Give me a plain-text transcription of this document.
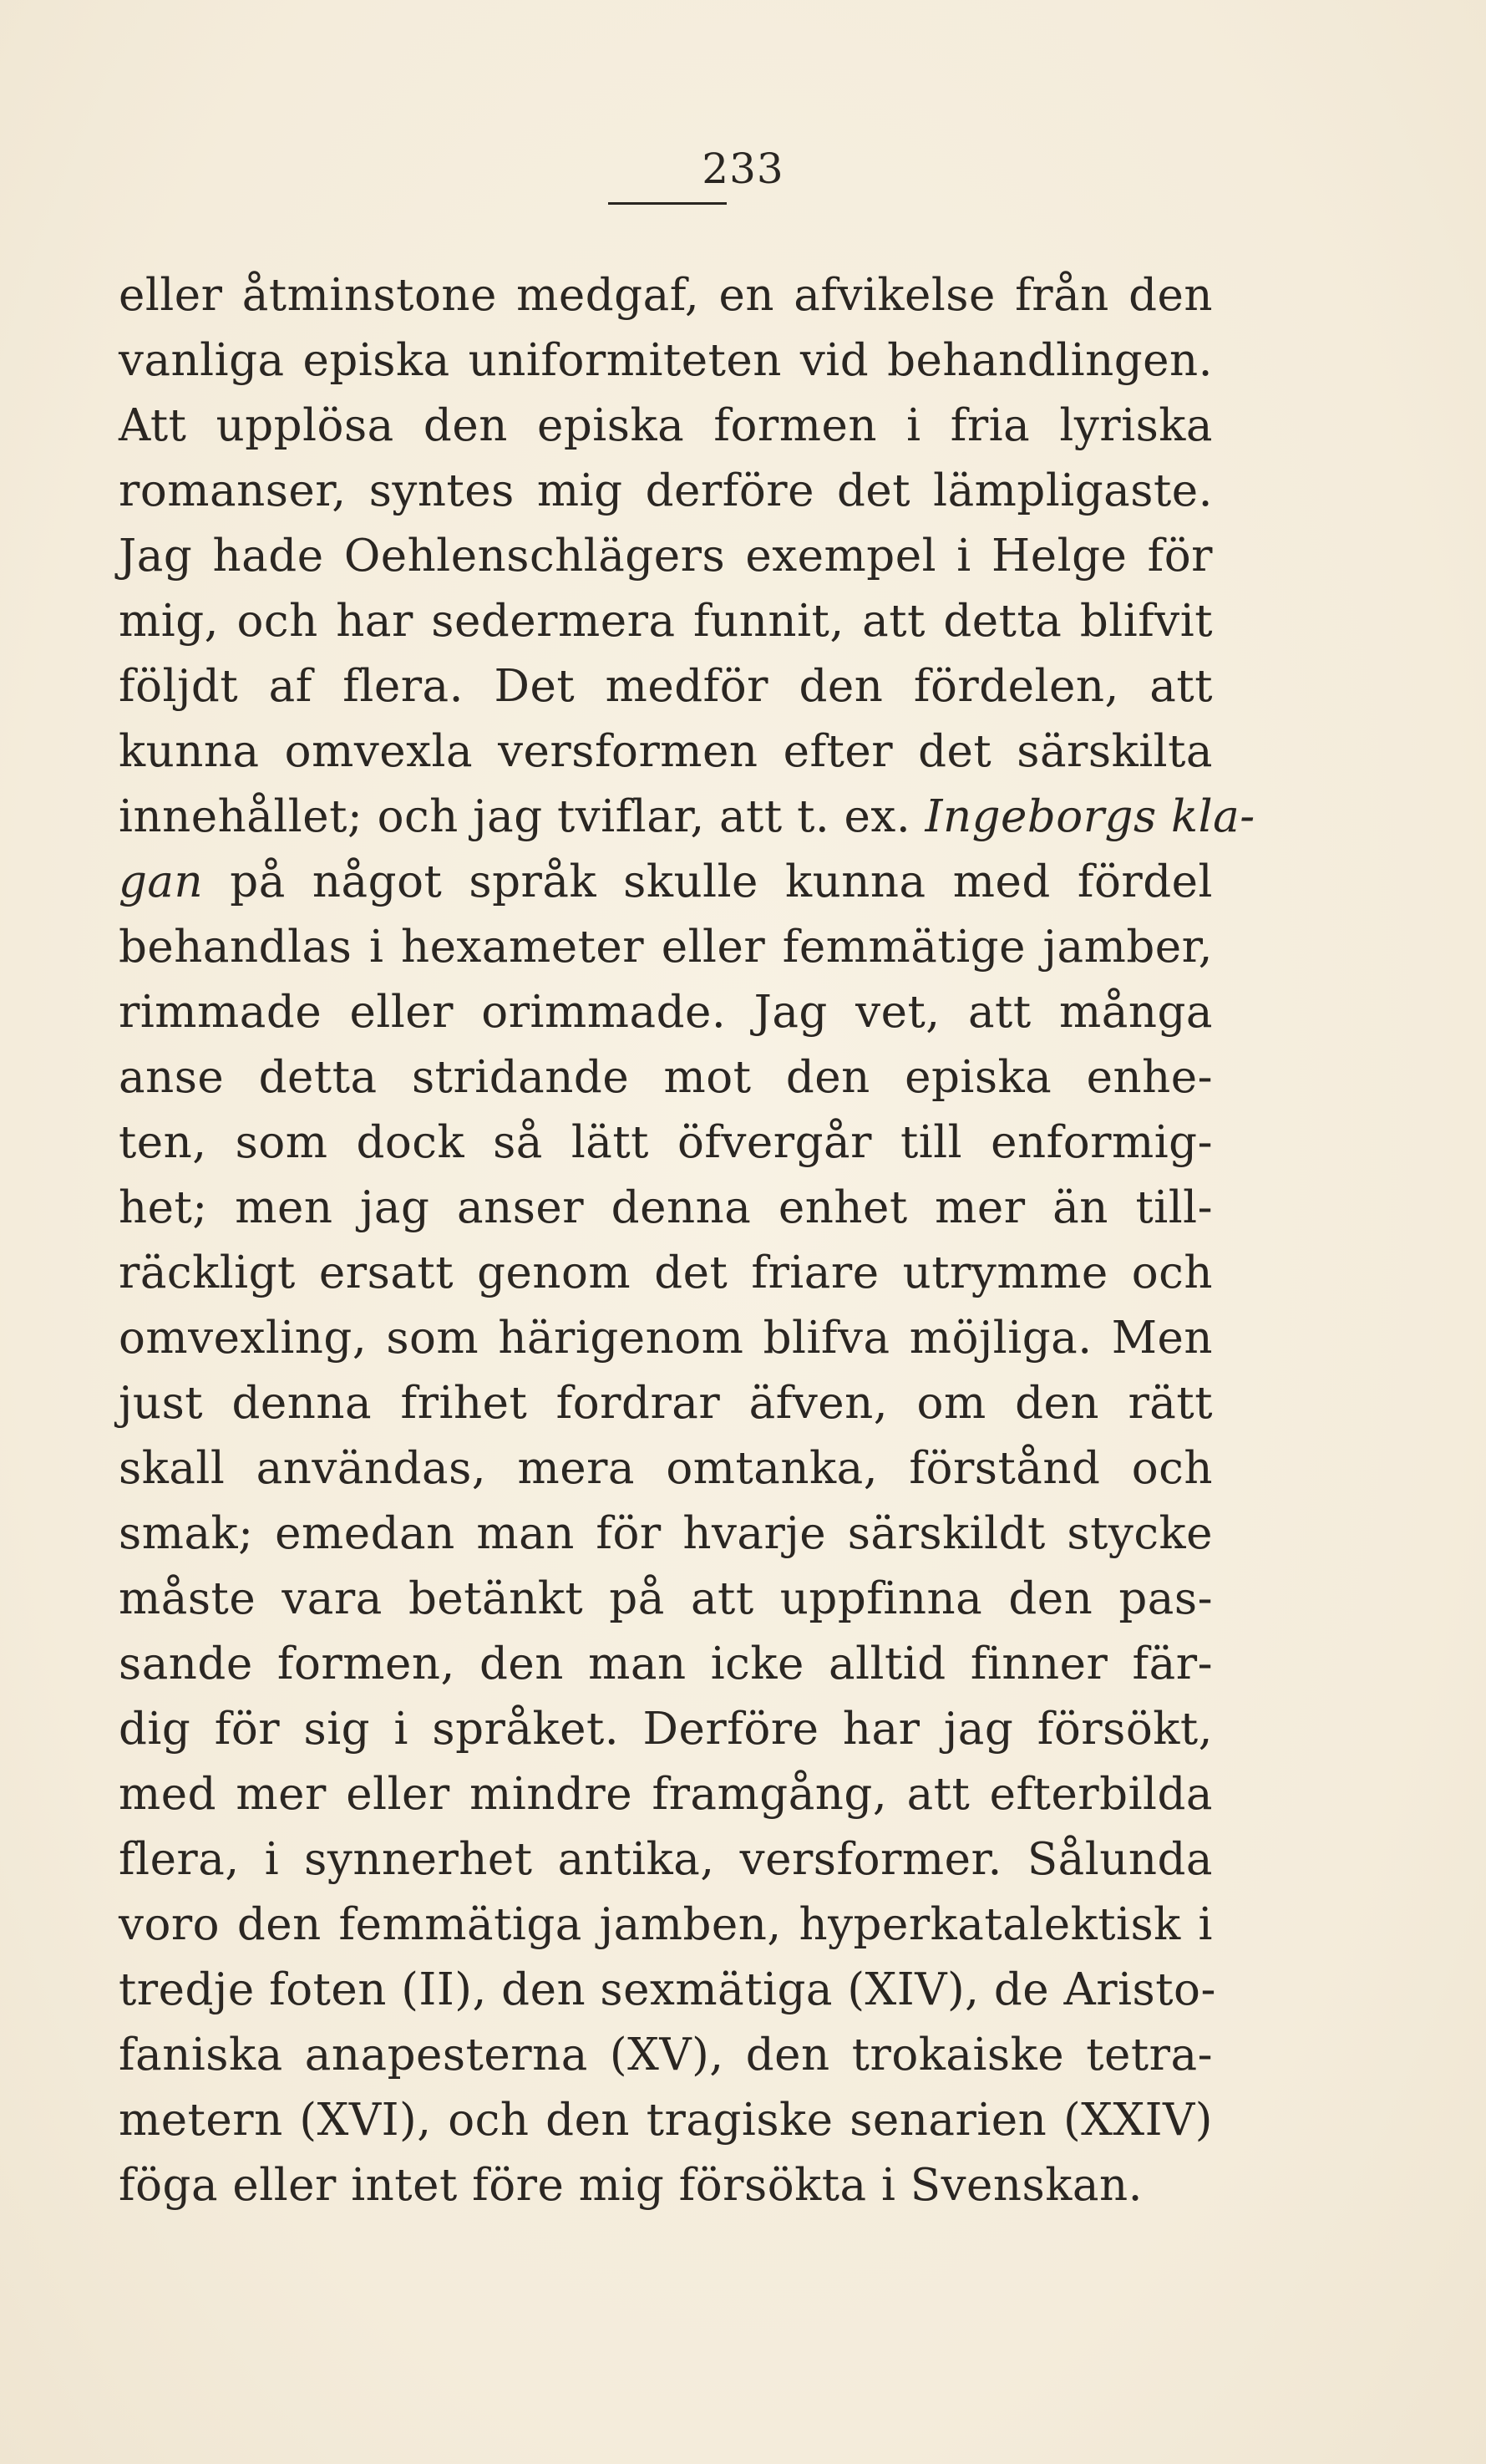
233
eller åtminstone medgaf, en afvikelse från den
vanliga episka uniformiteten vid behandlingen.
Att upplösa den episka formen i fria lyriska
romanser, syntes mig derföre det lämpligaste.
Jag hade Oehlenschlägers exempel i Helge för
mig, och har sedermera funnit, att detta blifvit
följdt af flera. Det medför den fördelen, att
kunna omvexla versformen efter det särskilta
innehållet; och jag tviflar, att t. ex. Ingeborgs kla-
gan på något språk skulle kunna med fördel
behandlas i hexameter eller femmätige jamber,
rimmade eller orimmade. Jag vet, att många
anse detta stridande mot den episka enhe-
ten, som dock så lätt öfvergår till enformig-
het; men jag anser denna enhet mer än till-
räckligt ersatt genom det friare utrymme och
omvexling, som härigenom blifva möjliga. Men
just denna frihet fordrar äfven, om den rätt
skall användas, mera omtanka, förstånd och
smak; emedan man för hvarje särskildt stycke
måste vara betänkt på att uppfinna den pas-
sande formen, den man icke alltid finner fär-
dig för sig i språket. Derföre har jag försökt,
med mer eller mindre framgång, att efterbilda
flera, i synnerhet antika, versformer. Sålunda
voro den femmätiga jamben, hyperkatalektisk i
tredje foten (II), den sexmätiga (XIV), de Aristo-
faniska anapesterna (XV), den trokaiske tetra-
metern (XVI), och den tragiske senarien (XXIV)
föga eller intet före mig försökta i Svenskan.
